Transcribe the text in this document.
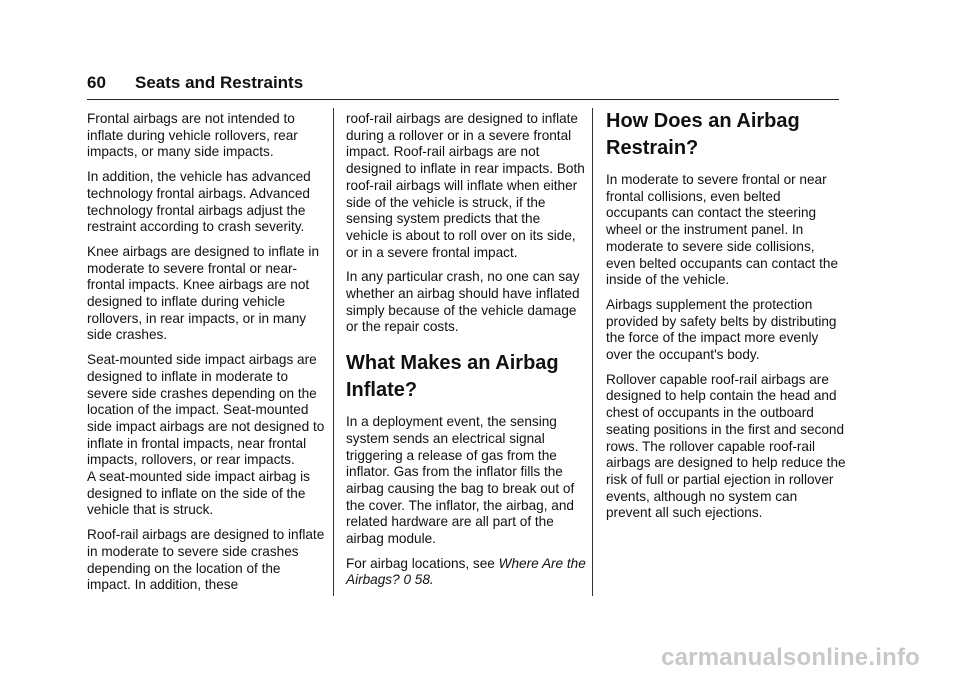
60 Seats and Restraints

Frontal airbags are not intended to inflate during vehicle rollovers, rear impacts, or many side impacts.

In addition, the vehicle has advanced technology frontal airbags. Advanced technology frontal airbags adjust the restraint according to crash severity.

Knee airbags are designed to inflate in moderate to severe frontal or near-frontal impacts. Knee airbags are not designed to inflate during vehicle rollovers, in rear impacts, or in many side crashes.

Seat-mounted side impact airbags are designed to inflate in moderate to severe side crashes depending on the location of the impact. Seat-mounted side impact airbags are not designed to inflate in frontal impacts, near frontal impacts, rollovers, or rear impacts.
A seat-mounted side impact airbag is designed to inflate on the side of the vehicle that is struck.

Roof-rail airbags are designed to inflate in moderate to severe side crashes depending on the location of the impact. In addition, these

roof-rail airbags are designed to inflate during a rollover or in a severe frontal impact. Roof-rail airbags are not designed to inflate in rear impacts. Both roof-rail airbags will inflate when either side of the vehicle is struck, if the sensing system predicts that the vehicle is about to roll over on its side, or in a severe frontal impact.

In any particular crash, no one can say whether an airbag should have inflated simply because of the vehicle damage or the repair costs.

What Makes an Airbag Inflate?

In a deployment event, the sensing system sends an electrical signal triggering a release of gas from the inflator. Gas from the inflator fills the airbag causing the bag to break out of the cover. The inflator, the airbag, and related hardware are all part of the airbag module.

For airbag locations, see Where Are the Airbags? 0 58.

How Does an Airbag Restrain?

In moderate to severe frontal or near frontal collisions, even belted occupants can contact the steering wheel or the instrument panel. In moderate to severe side collisions, even belted occupants can contact the inside of the vehicle.

Airbags supplement the protection provided by safety belts by distributing the force of the impact more evenly over the occupant's body.

Rollover capable roof-rail airbags are designed to help contain the head and chest of occupants in the outboard seating positions in the first and second rows. The rollover capable roof-rail airbags are designed to help reduce the risk of full or partial ejection in rollover events, although no system can prevent all such ejections.

carmanualsonline.info
